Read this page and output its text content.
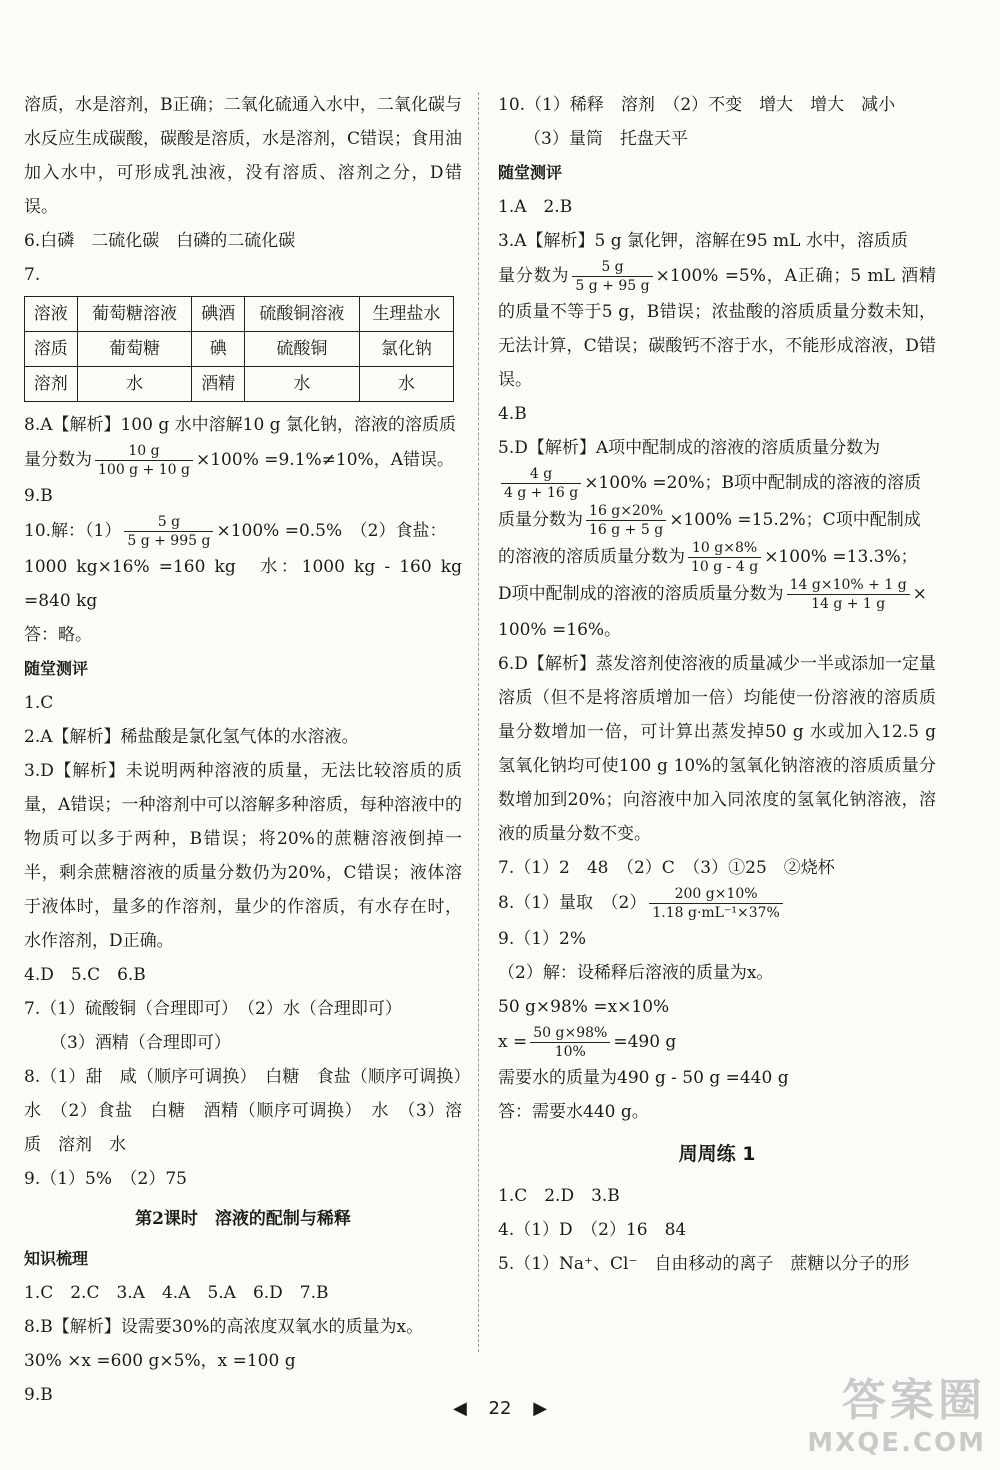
溶质，水是溶剂，B正确；二氧化硫通入水中，二氧化碳与水反应生成碳酸，碳酸是溶质，水是溶剂，C错误；食用油加入水中，可形成乳浊液，没有溶质、溶剂之分，D错误。

6.白磷　二硫化碳　白磷的二硫化碳

7.

溶液	葡萄糖溶液	碘酒	硫酸铜溶液	生理盐水
溶质	葡萄糖	碘	硫酸铜	氯化钠
溶剂	水	酒精	水	水

8.A【解析】100 g 水中溶解10 g 氯化钠，溶液的溶质质
量分数为 $\frac{10 g}{100 g + 10 g} \times 100\% =9.1\%\ne 10\%$，A错误。

9.B

10.解：$(1) \frac{5 g}{5 g + 995 g} \times 100\% =0.5\%$　（2）食盐：
1000 kg×16% =160 kg　水：1000 kg - 160 kg =840 kg
答：略。

随堂测评

1.C

2.A【解析】稀盐酸是氯化氢气体的水溶液。

3.D【解析】未说明两种溶液的质量，无法比较溶质的质量，A错误；一种溶剂中可以溶解多种溶质，每种溶液中的物质可以多于两种，B错误；将20%的蔗糖溶液倒掉一半，剩余蔗糖溶液的质量分数仍为20%，C错误；液体溶于液体时，量多的作溶剂，量少的作溶质，有水存在时，水作溶剂，D正确。

4.D　5.C　6.B

7.（1）硫酸铜（合理即可）　（2）水（合理即可）
（3）酒精（合理即可）

8.（1）甜　咸（顺序可调换）　白糖　食盐（顺序可调换）　水　（2）食盐　白糖　酒精（顺序可调换）　水　（3）溶质　溶剂　水

9.（1）5%　（2）75

第2课时　溶液的配制与稀释

知识梳理

1.C　2.C　3.A　4.A　5.A　6.D　7.B

8.B【解析】设需要30%的高浓度双氧水的质量为x。
30% ×x =600 g×5%，x =100 g

9.B

10.（1）稀释　溶剂　（2）不变　增大　增大　减小
（3）量筒　托盘天平

随堂测评

1.A　2.B

3.A【解析】5 g 氯化钾，溶解在95 mL 水中，溶质质
量分数为 $\frac{5 g}{5 g + 95 g} \times 100\% =5\%$，A正确；5 mL 酒精的质量不等于5 g，B错误；浓盐酸的溶质质量分数未知，无法计算，C错误；碳酸钙不溶于水，不能形成溶液，D错误。

4.B

5.D【解析】A项中配制成的溶液的溶质质量分数为

$\frac{4 g}{4 g + 16 g} \times 100\% =20\%$；B项中配制成的溶液的溶质
质量分数为 $\frac{16 g\times 20\%}{16 g + 5 g} \times 100\% =15.2\%$；C项中配制成
的溶液的溶质质量分数为 $\frac{10 g\times 8\%}{10 g - 4 g} \times 100\% =13.3\%$；
D项中配制成的溶液的溶质质量分数为 $\frac{14 g\times 10\% + 1 g}{14 g + 1 g}$ ×
100% =16%。

6.D【解析】蒸发溶剂使溶液的质量减少一半或添加一定量溶质（但不是将溶质增加一倍）均能使一份溶液的溶质质量分数增加一倍，可计算出蒸发掉50 g 水或加入12.5 g 氢氧化钠均可使100 g 10%的氢氧化钠溶液的溶质质量分数增加到20%；向溶液中加入同浓度的氢氧化钠溶液，溶液的质量分数不变。

7.（1）2　48　（2）C　（3）①25　②烧杯

8.（1）量取　$(2) \frac{200 g\times 10\%}{\text{1.18 g·mL⁻¹×37\%}}$

9.（1）2%
（2）解：设稀释后溶液的质量为x。
50 g×98% =x×10%
$x = \frac{50 g\times 98\%}{10\%} =490$ g
需要水的质量为490 g - 50 g =440 g
答：需要水440 g。

周周练 1

1.C　2.D　3.B

4.（1）D　（2）16　84

5.（1）Na⁺、Cl⁻　自由移动的离子　蔗糖以分子的形

◀ 22 ▶	答案圈
MXQE.COM
